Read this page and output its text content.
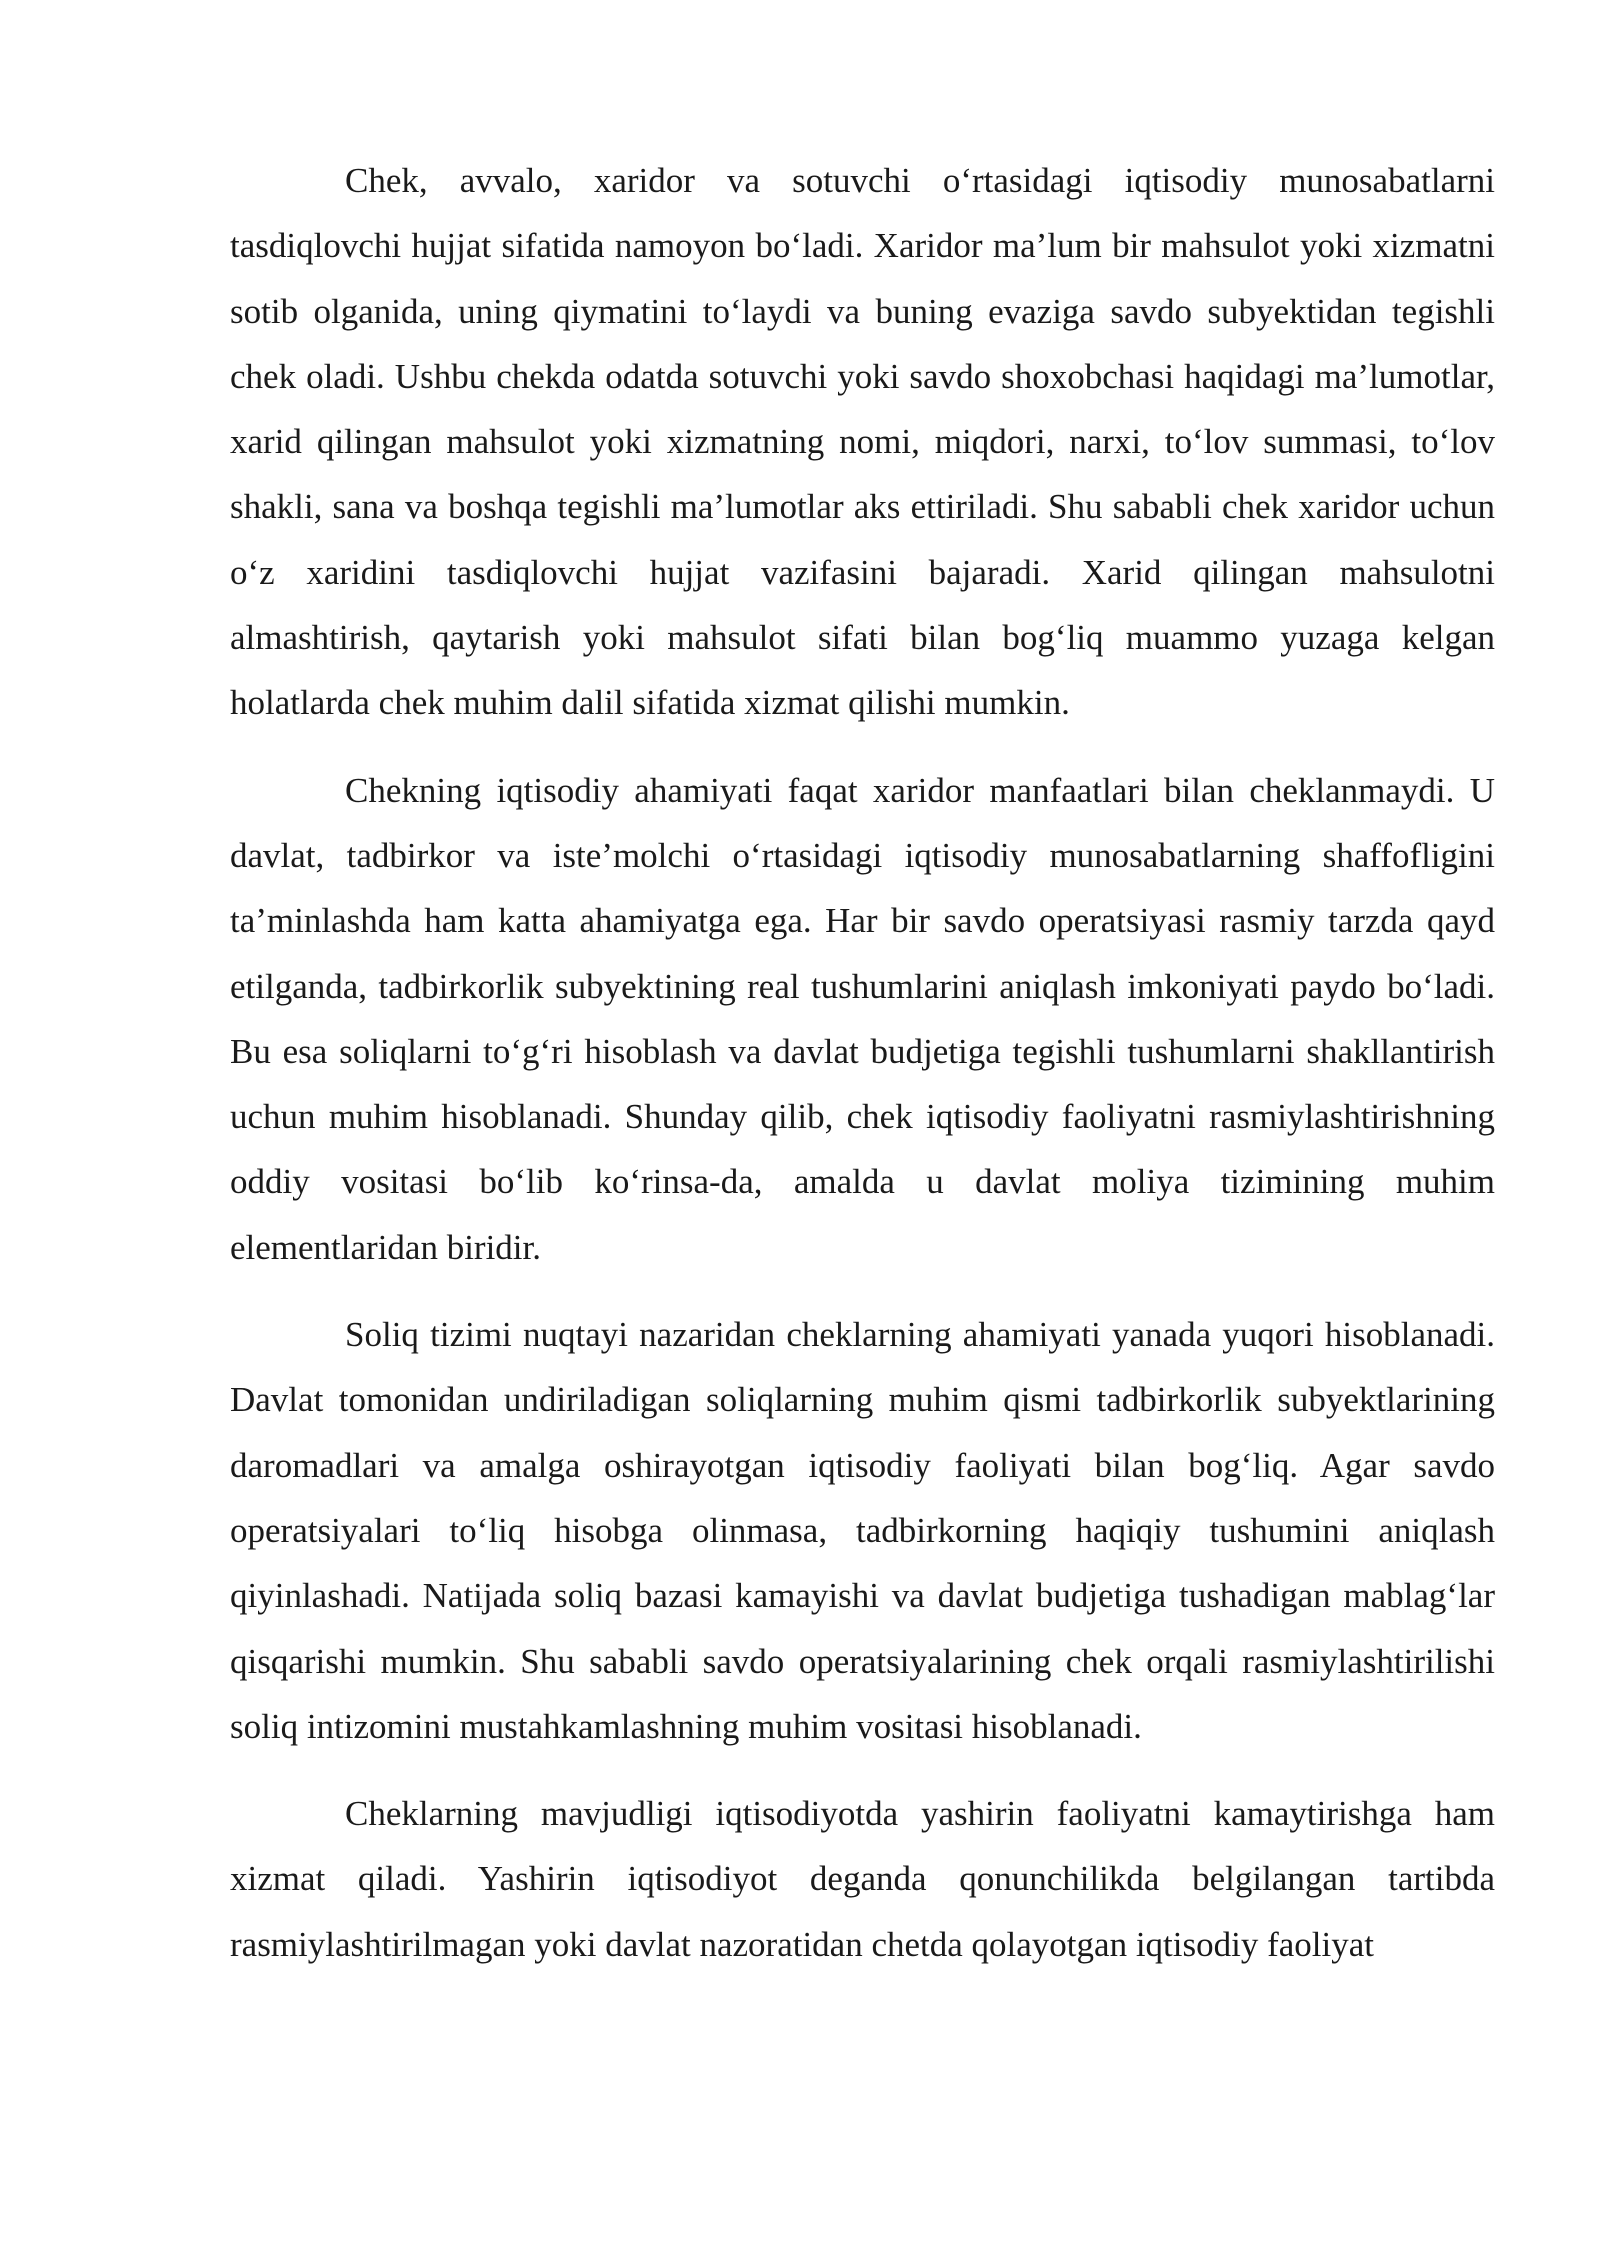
Chek, avvalo, xaridor va sotuvchi o‘rtasidagi iqtisodiy munosabatlarni tasdiqlovchi hujjat sifatida namoyon bo‘ladi. Xaridor ma’lum bir mahsulot yoki xizmatni sotib olganida, uning qiymatini to‘laydi va buning evaziga savdo subyektidan tegishli chek oladi. Ushbu chekda odatda sotuvchi yoki savdo shoxobchasi haqidagi ma’lumotlar, xarid qilingan mahsulot yoki xizmatning nomi, miqdori, narxi, to‘lov summasi, to‘lov shakli, sana va boshqa tegishli ma’lumotlar aks ettiriladi. Shu sababli chek xaridor uchun o‘z xaridini tasdiqlovchi hujjat vazifasini bajaradi. Xarid qilingan mahsulotni almashtirish, qaytarish yoki mahsulot sifati bilan bog‘liq muammo yuzaga kelgan holatlarda chek muhim dalil sifatida xizmat qilishi mumkin.

Chekning iqtisodiy ahamiyati faqat xaridor manfaatlari bilan cheklanmaydi. U davlat, tadbirkor va iste’molchi o‘rtasidagi iqtisodiy munosabatlarning shaffofligini ta’minlashda ham katta ahamiyatga ega. Har bir savdo operatsiyasi rasmiy tarzda qayd etilganda, tadbirkorlik subyektining real tushumlarini aniqlash imkoniyati paydo bo‘ladi. Bu esa soliqlarni to‘g‘ri hisoblash va davlat budjetiga tegishli tushumlarni shakllantirish uchun muhim hisoblanadi. Shunday qilib, chek iqtisodiy faoliyatni rasmiylashtirishning oddiy vositasi bo‘lib ko‘rinsa-da, amalda u davlat moliya tizimining muhim elementlaridan biridir.

Soliq tizimi nuqtayi nazaridan cheklarning ahamiyati yanada yuqori hisoblanadi. Davlat tomonidan undiriladigan soliqlarning muhim qismi tadbirkorlik subyektlarining daromadlari va amalga oshirayotgan iqtisodiy faoliyati bilan bog‘liq. Agar savdo operatsiyalari to‘liq hisobga olinmasa, tadbirkorning haqiqiy tushumini aniqlash qiyinlashadi. Natijada soliq bazasi kamayishi va davlat budjetiga tushadigan mablag‘lar qisqarishi mumkin. Shu sababli savdo operatsiyalarining chek orqali rasmiylashtirilishi soliq intizomini mustahkamlashning muhim vositasi hisoblanadi.

Cheklarning mavjudligi iqtisodiyotda yashirin faoliyatni kamaytirishga ham xizmat qiladi. Yashirin iqtisodiyot deganda qonunchilikda belgilangan tartibda rasmiylashtirilmagan yoki davlat nazoratidan chetda qolayotgan iqtisodiy faoliyat
